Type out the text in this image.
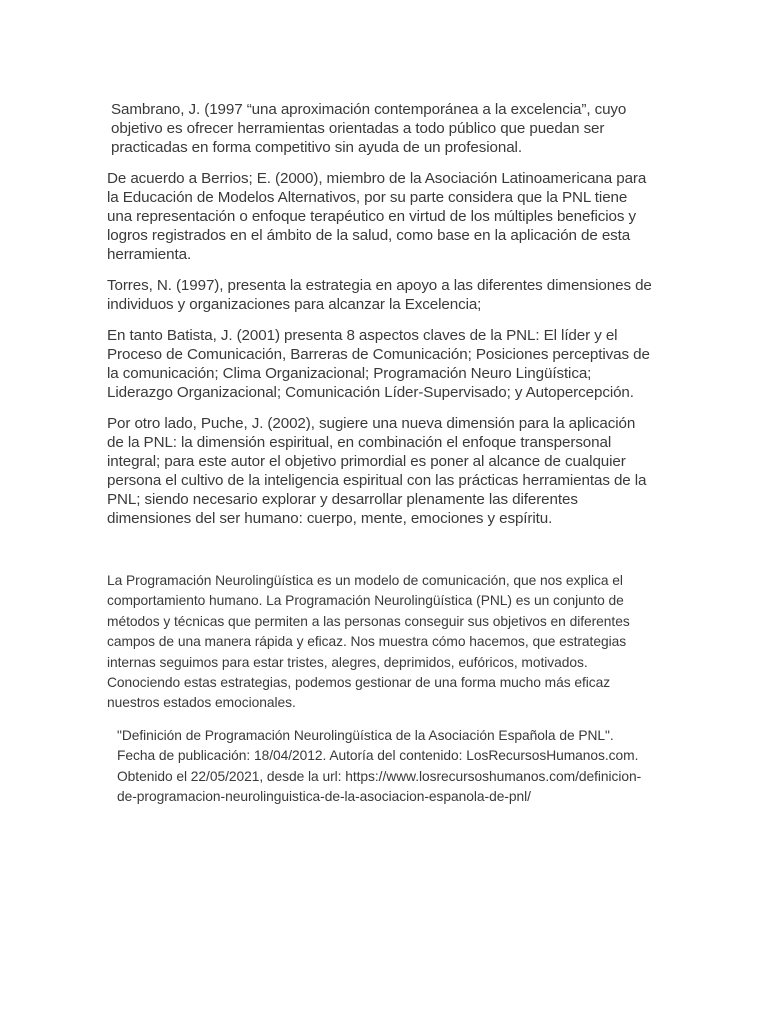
Sambrano, J. (1997 “una aproximación contemporánea a la excelencia”, cuyo objetivo es ofrecer herramientas orientadas a todo público que puedan ser practicadas en forma competitivo sin ayuda de un profesional.

De acuerdo a Berrios; E. (2000), miembro de la Asociación Latinoamericana para la Educación de Modelos Alternativos, por su parte considera que la PNL tiene una representación o enfoque terapéutico en virtud de los múltiples beneficios y logros registrados en el ámbito de la salud, como base en la aplicación de esta herramienta.

Torres, N. (1997), presenta la estrategia en apoyo a las diferentes dimensiones de individuos y organizaciones para alcanzar la Excelencia;

En tanto Batista, J. (2001) presenta 8 aspectos claves de la PNL: El líder y el Proceso de Comunicación, Barreras de Comunicación; Posiciones perceptivas de la comunicación; Clima Organizacional; Programación Neuro Lingüística; Liderazgo Organizacional; Comunicación Líder-Supervisado; y Autopercepción.

Por otro lado, Puche, J. (2002), sugiere una nueva dimensión para la aplicación de la PNL: la dimensión espiritual, en combinación el enfoque transpersonal integral; para este autor el objetivo primordial es poner al alcance de cualquier persona el cultivo de la inteligencia espiritual con las prácticas herramientas de la PNL; siendo necesario explorar y desarrollar plenamente las diferentes dimensiones del ser humano: cuerpo, mente, emociones y espíritu.

La Programación Neurolingüística es un modelo de comunicación, que nos explica el comportamiento humano. La Programación Neurolingüística (PNL) es un conjunto de métodos y técnicas que permiten a las personas conseguir sus objetivos en diferentes campos de una manera rápida y eficaz. Nos muestra cómo hacemos, que estrategias internas seguimos para estar tristes, alegres, deprimidos, eufóricos, motivados. Conociendo estas estrategias, podemos gestionar de una forma mucho más eficaz nuestros estados emocionales.

"Definición de Programación Neurolingüística de la Asociación Española de PNL". Fecha de publicación: 18/04/2012. Autoría del contenido: LosRecursosHumanos.com. Obtenido el 22/05/2021, desde la url: https://www.losrecursoshumanos.com/definicion-de-programacion-neurolinguistica-de-la-asociacion-espanola-de-pnl/
